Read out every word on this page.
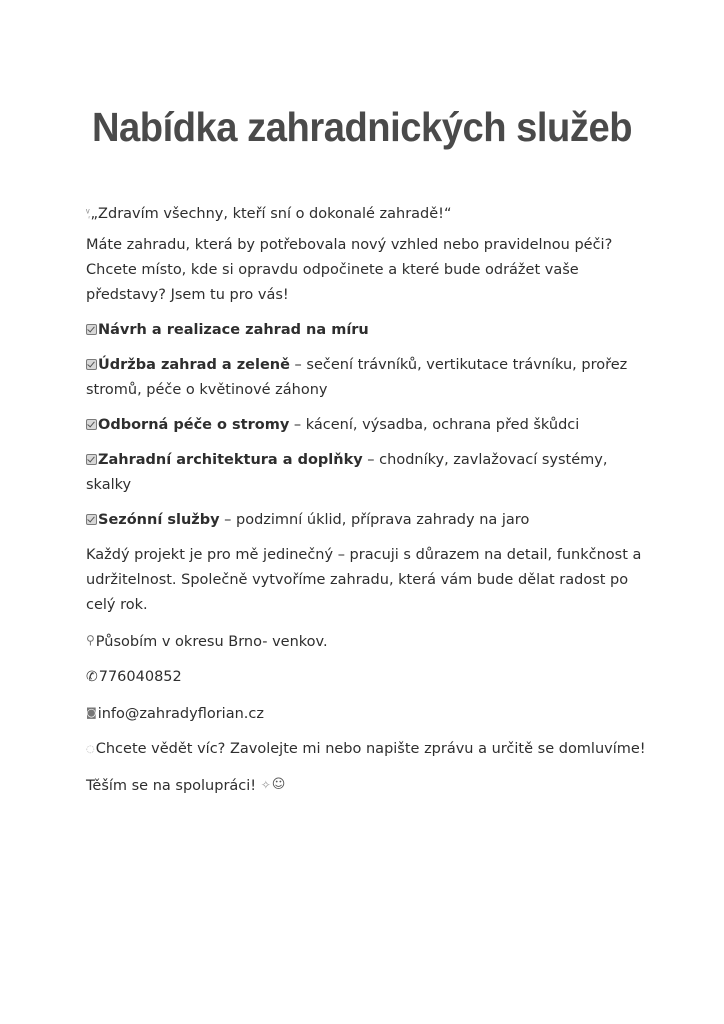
Nabídka zahradnických služeb

ᵛ᷊„Zdravím všechny, kteří sní o dokonalé zahradě!“

Máte zahradu, která by potřebovala nový vzhled nebo pravidelnou péči? Chcete místo, kde si opravdu odpočinete a které bude odrážet vaše představy? Jsem tu pro vás!

Návrh a realizace zahrad na míru

Údržba zahrad a zeleně – sečení trávníků, vertikutace trávníku, prořez stromů, péče o květinové záhony

Odborná péče o stromy – kácení, výsadba, ochrana před škůdci

Zahradní architektura a doplňky – chodníky, zavlažovací systémy, skalky

Sezónní služby – podzimní úklid, příprava zahrady na jaro

Každý projekt je pro mě jedinečný – pracuji s důrazem na detail, funkčnost a udržitelnost. Společně vytvoříme zahradu, která vám bude dělat radost po celý rok.

⚲Působím v okresu Brno- venkov.

✆776040852

◙info@zahradyflorian.cz

◌Chcete vědět víc? Zavolejte mi nebo napište zprávu a určitě se domluvíme!

Těším se na spolupráci! ✧☺
